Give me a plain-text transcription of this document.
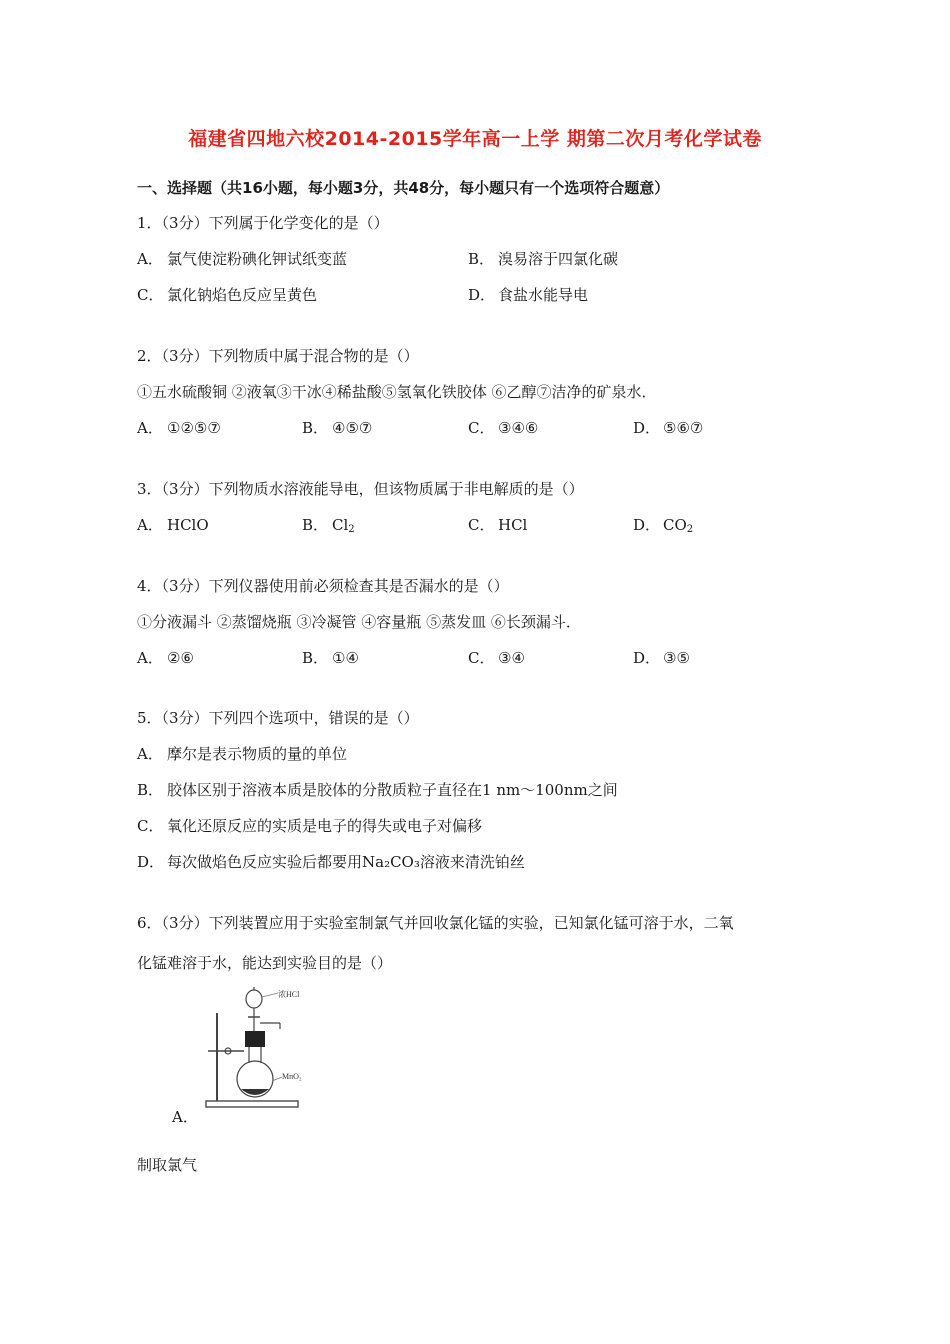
福建省四地六校2014-2015学年高一上学 期第二次月考化学试卷
一、选择题（共16小题，每小题3分，共48分，每小题只有一个选项符合题意）
1．（3分）下列属于化学变化的是（）
A． 氯气使淀粉碘化钾试纸变蓝	B． 溴易溶于四氯化碳
C． 氯化钠焰色反应呈黄色	D． 食盐水能导电
2．（3分）下列物质中属于混合物的是（）
①五水硫酸铜 ②液氧③干冰④稀盐酸⑤氢氧化铁胶体 ⑥乙醇⑦洁净的矿泉水．
A． ①②⑤⑦	B． ④⑤⑦	C． ③④⑥	D． ⑤⑥⑦
3．（3分）下列物质水溶液能导电，但该物质属于非电解质的是（）
A． HClO	B． $Cl_2$	C． HCl	D． $CO_2$
4．（3分）下列仪器使用前必须检查其是否漏水的是（）
①分液漏斗 ②蒸馏烧瓶 ③冷凝管 ④容量瓶 ⑤蒸发皿 ⑥长颈漏斗．
A． ②⑥	B． ①④	C． ③④	D． ③⑤
5．（3分）下列四个选项中，错误的是（）
A． 摩尔是表示物质的量的单位
B． 胶体区别于溶液本质是胶体的分散质粒子直径在1 nm～100nm之间
C． 氧化还原反应的实质是电子的得失或电子对偏移
D． 每次做焰色反应实验后都要用Na₂CO₃溶液来清洗铂丝
6．（3分）下列装置应用于实验室制氯气并回收氯化锰的实验，已知氯化锰可溶于水，二氧
化锰难溶于水，能达到实验目的是（）
浓HCl
MnO₂
A．
制取氯气
